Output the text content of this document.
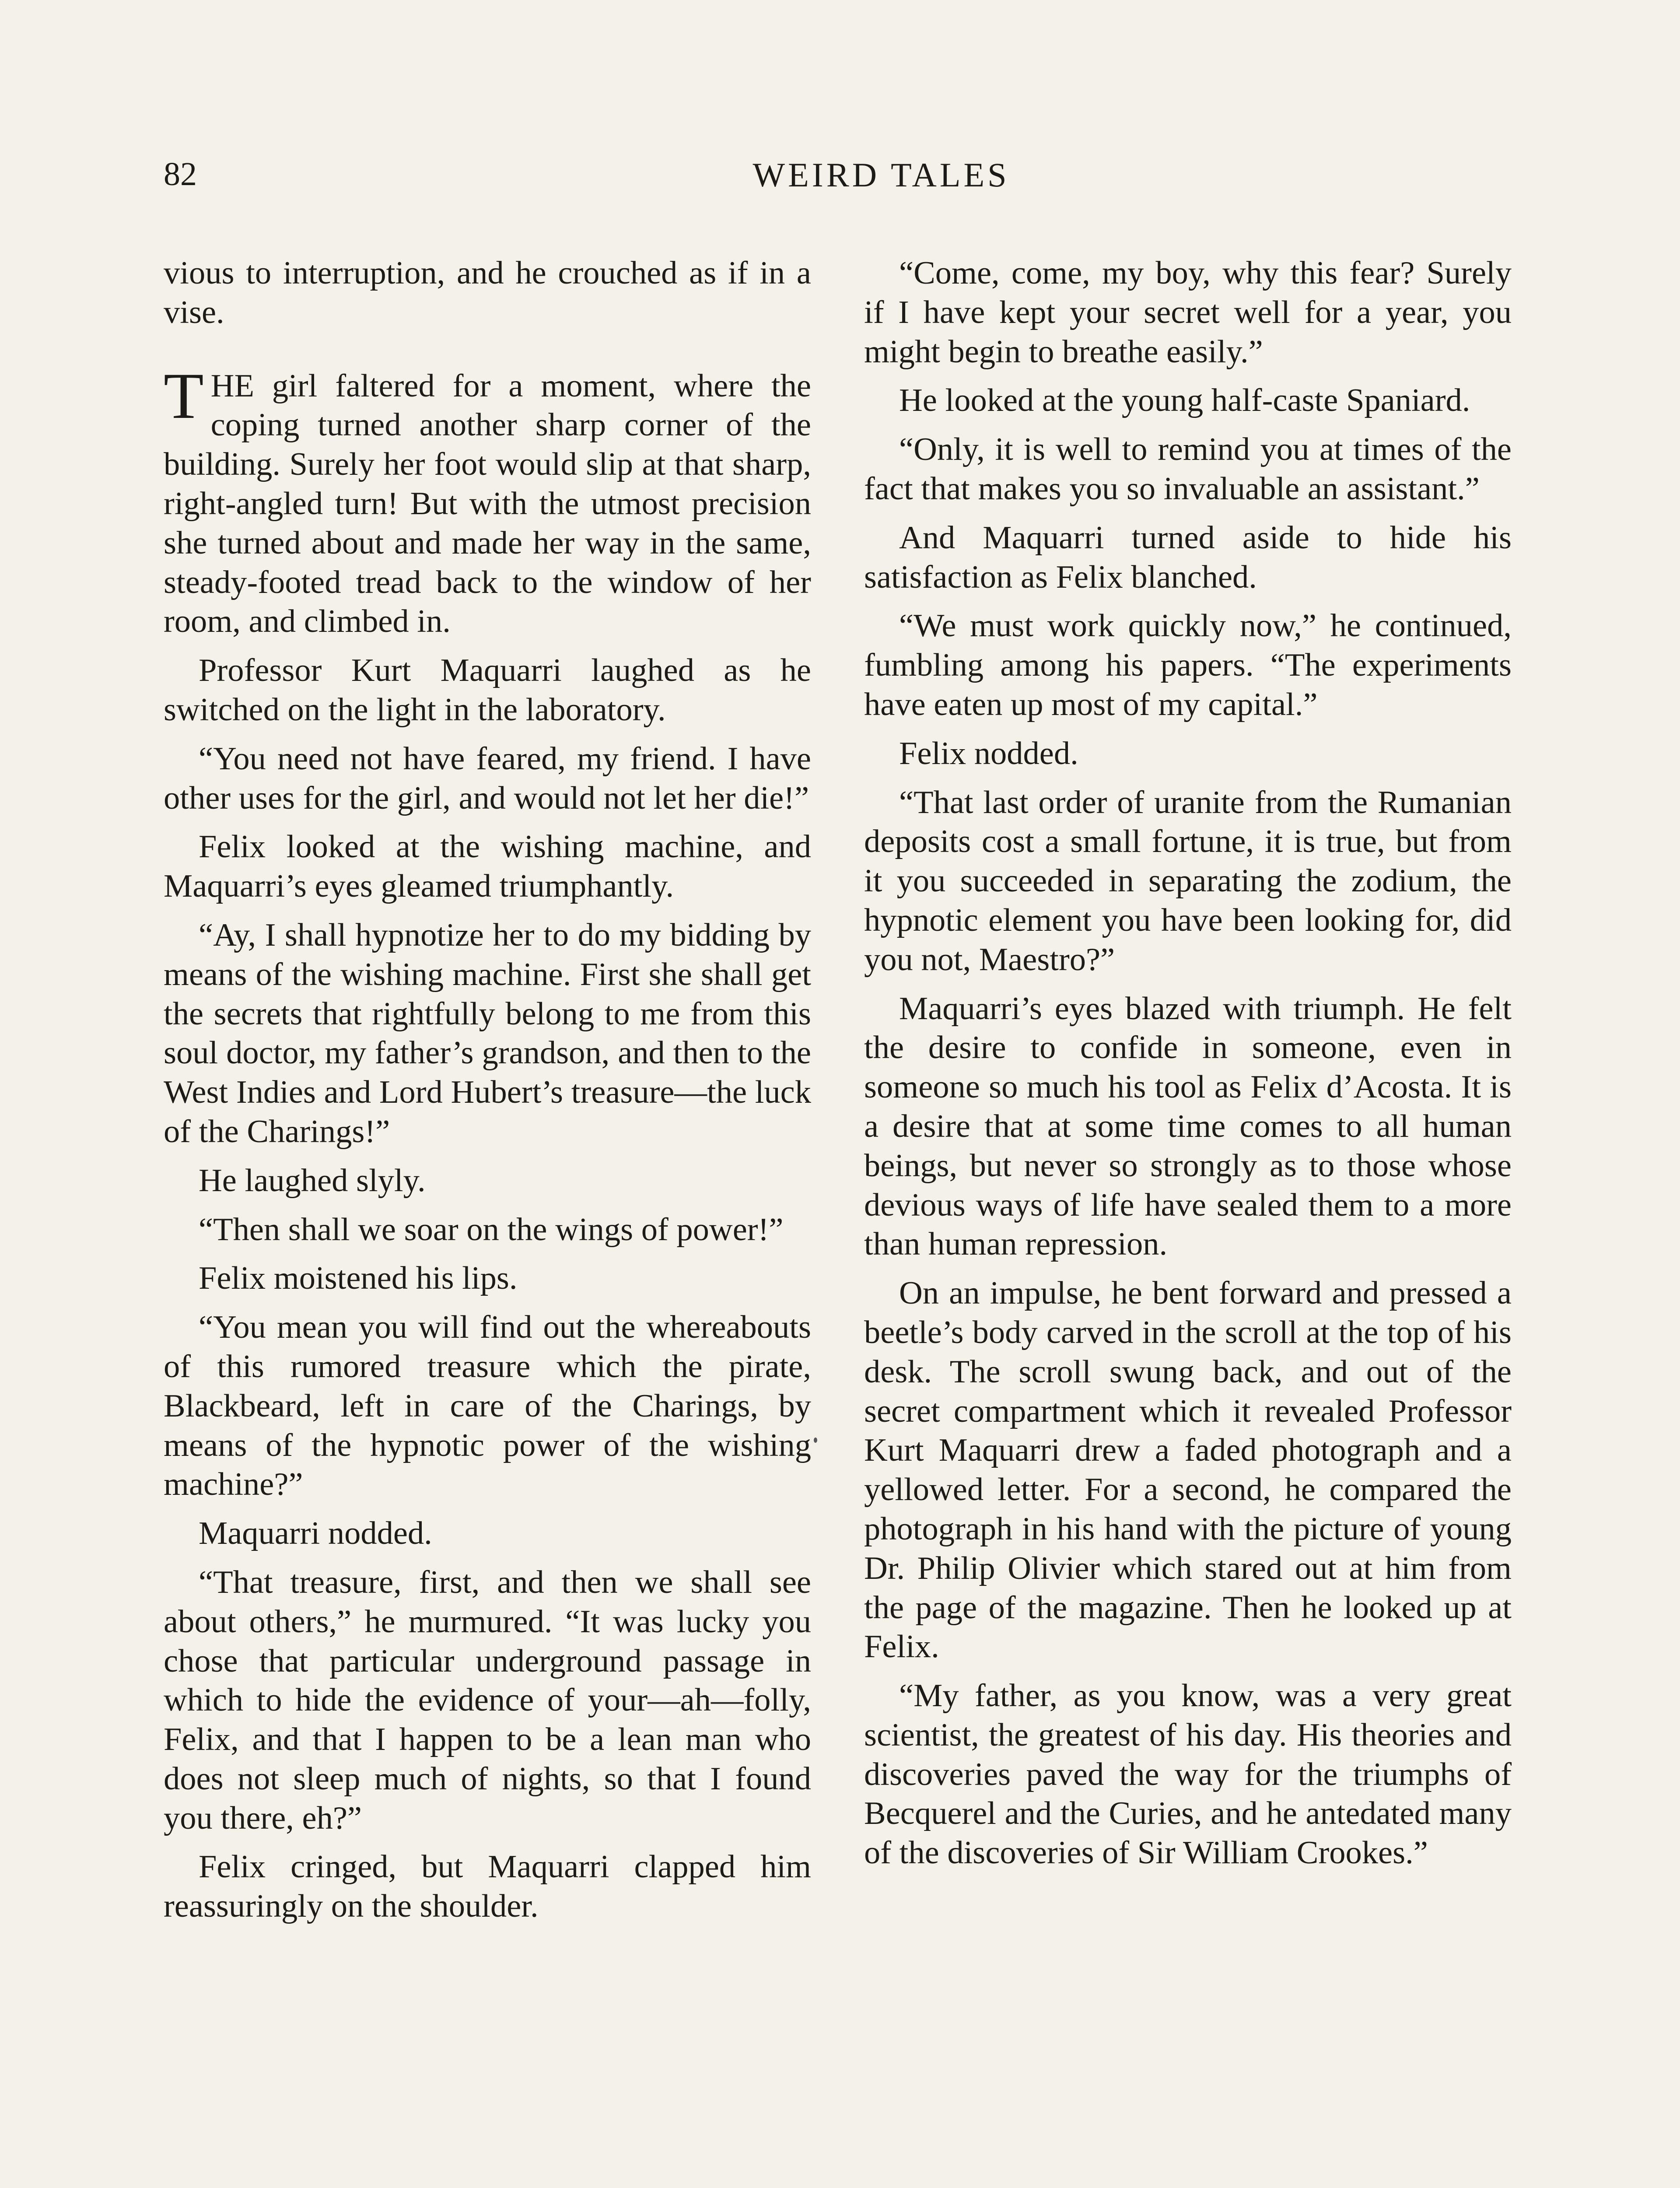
82	WEIRD TALES

vious to interruption, and he crouched as if in a vise.

THE girl faltered for a moment, where the coping turned another sharp corner of the building. Surely her foot would slip at that sharp, right-angled turn! But with the utmost precision she turned about and made her way in the same, steady-footed tread back to the window of her room, and climbed in.

Professor Kurt Maquarri laughed as he switched on the light in the laboratory.

“You need not have feared, my friend. I have other uses for the girl, and would not let her die!”

Felix looked at the wishing machine, and Maquarri’s eyes gleamed triumphantly.

“Ay, I shall hypnotize her to do my bidding by means of the wishing machine. First she shall get the secrets that rightfully belong to me from this soul doctor, my father’s grandson, and then to the West Indies and Lord Hubert’s treasure—the luck of the Charings!”

He laughed slyly.

“Then shall we soar on the wings of power!”

Felix moistened his lips.

“You mean you will find out the whereabouts of this rumored treasure which the pirate, Blackbeard, left in care of the Charings, by means of the hypnotic power of the wishing machine?”

Maquarri nodded.

“That treasure, first, and then we shall see about others,” he murmured. “It was lucky you chose that particular underground passage in which to hide the evidence of your—ah—folly, Felix, and that I happen to be a lean man who does not sleep much of nights, so that I found you there, eh?”

Felix cringed, but Maquarri clapped him reassuringly on the shoulder.

“Come, come, my boy, why this fear? Surely if I have kept your secret well for a year, you might begin to breathe easily.”

He looked at the young half-caste Spaniard.

“Only, it is well to remind you at times of the fact that makes you so invaluable an assistant.”

And Maquarri turned aside to hide his satisfaction as Felix blanched.

“We must work quickly now,” he continued, fumbling among his papers. “The experiments have eaten up most of my capital.”

Felix nodded.

“That last order of uranite from the Rumanian deposits cost a small fortune, it is true, but from it you succeeded in separating the zodium, the hypnotic element you have been looking for, did you not, Maestro?”

Maquarri’s eyes blazed with triumph. He felt the desire to confide in someone, even in someone so much his tool as Felix d’Acosta. It is a desire that at some time comes to all human beings, but never so strongly as to those whose devious ways of life have sealed them to a more than human repression.

On an impulse, he bent forward and pressed a beetle’s body carved in the scroll at the top of his desk. The scroll swung back, and out of the secret compartment which it revealed Professor Kurt Maquarri drew a faded photograph and a yellowed letter. For a second, he compared the photograph in his hand with the picture of young Dr. Philip Olivier which stared out at him from the page of the magazine. Then he looked up at Felix.

“My father, as you know, was a very great scientist, the greatest of his day. His theories and discoveries paved the way for the triumphs of Becquerel and the Curies, and he antedated many of the discoveries of Sir William Crookes.”
